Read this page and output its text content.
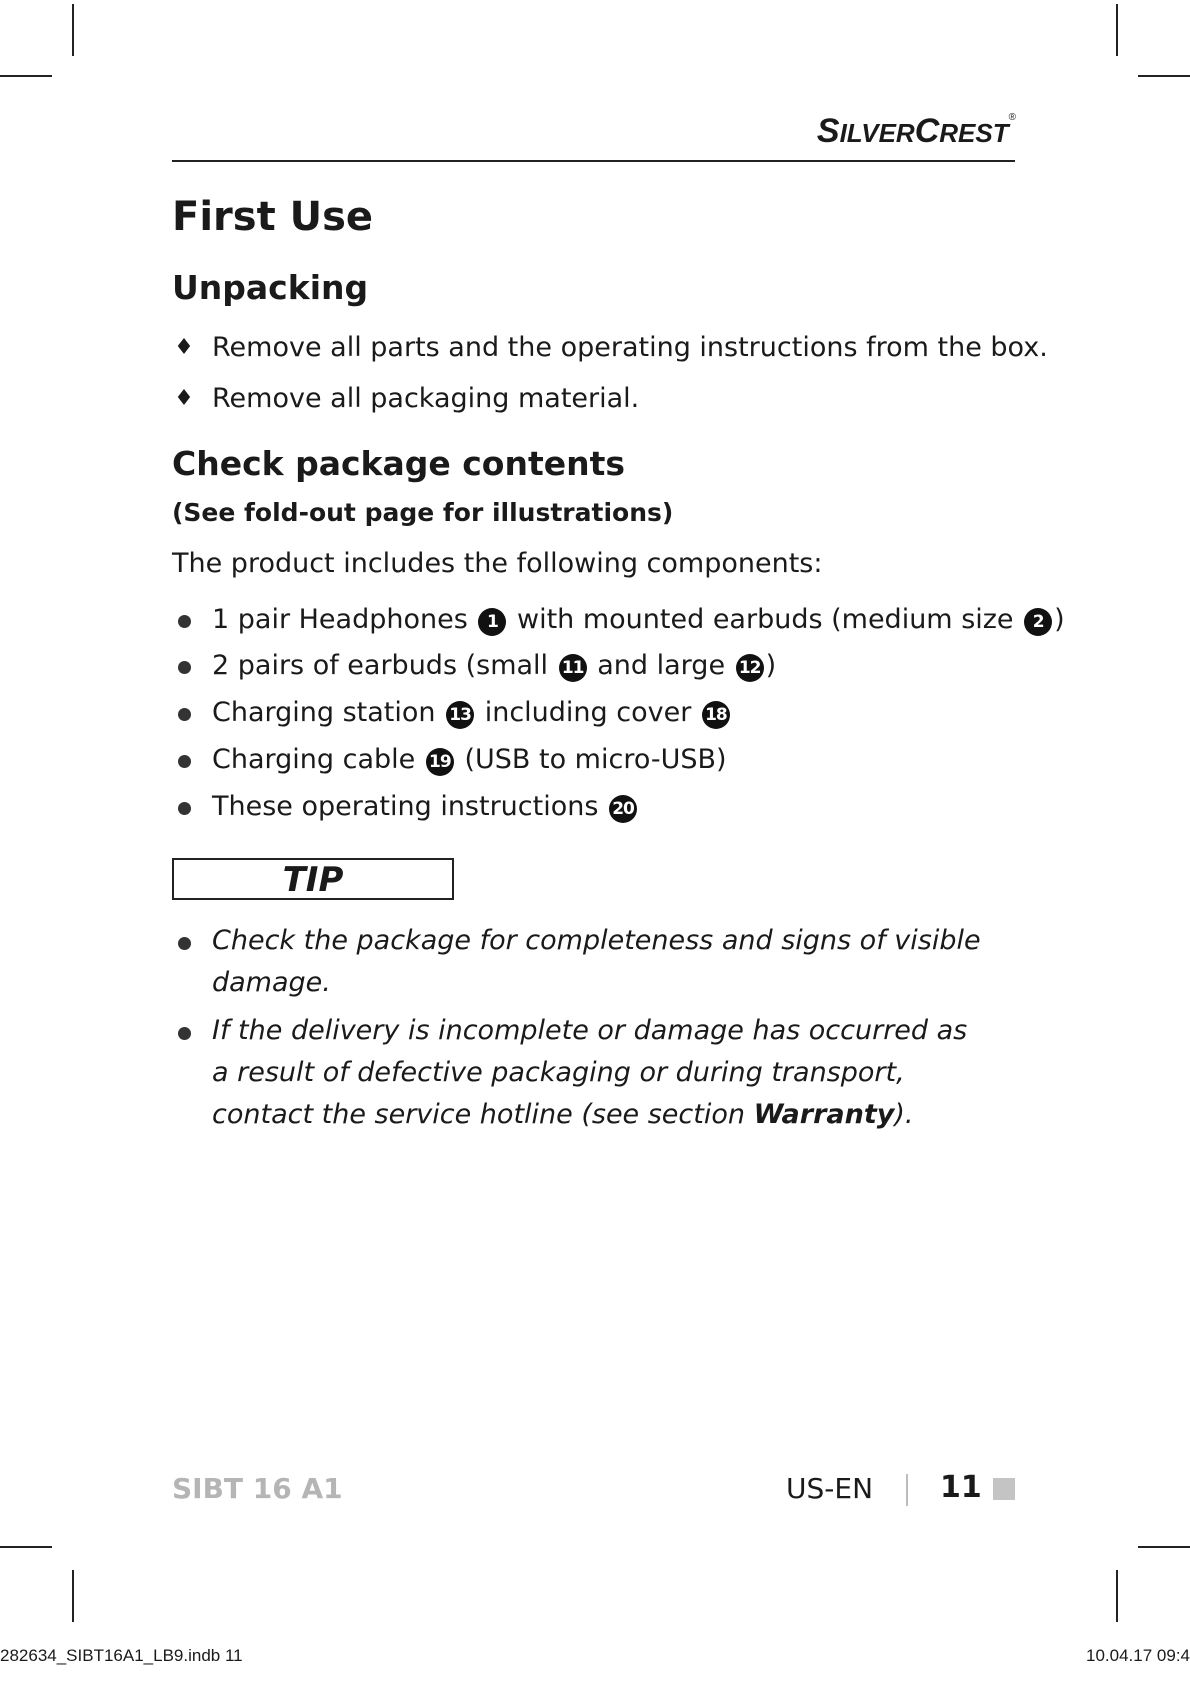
SILVERCREST®
First Use
Unpacking
♦ Remove all parts and the operating instructions from the box.
♦ Remove all packaging material.
Check package contents

(See fold-out page for illustrations)

The product includes the following components:

1 pair Headphones 1 with mounted earbuds (medium size 2 )
2 pairs of earbuds (small 11 and large 12 )
Charging station 13 including cover 18
Charging cable 19 (USB to micro-USB)
These operating instructions 20
TIP
Check the package for completeness and signs of visible damage.
If the delivery is incomplete or damage has occurred as a result of defective packaging or during transport, contact the service hotline (see section Warranty).
SIBT 16 A1	US-EN 11
282634_SIBT16A1_LB9.indb 11	10.04.17 09:4
